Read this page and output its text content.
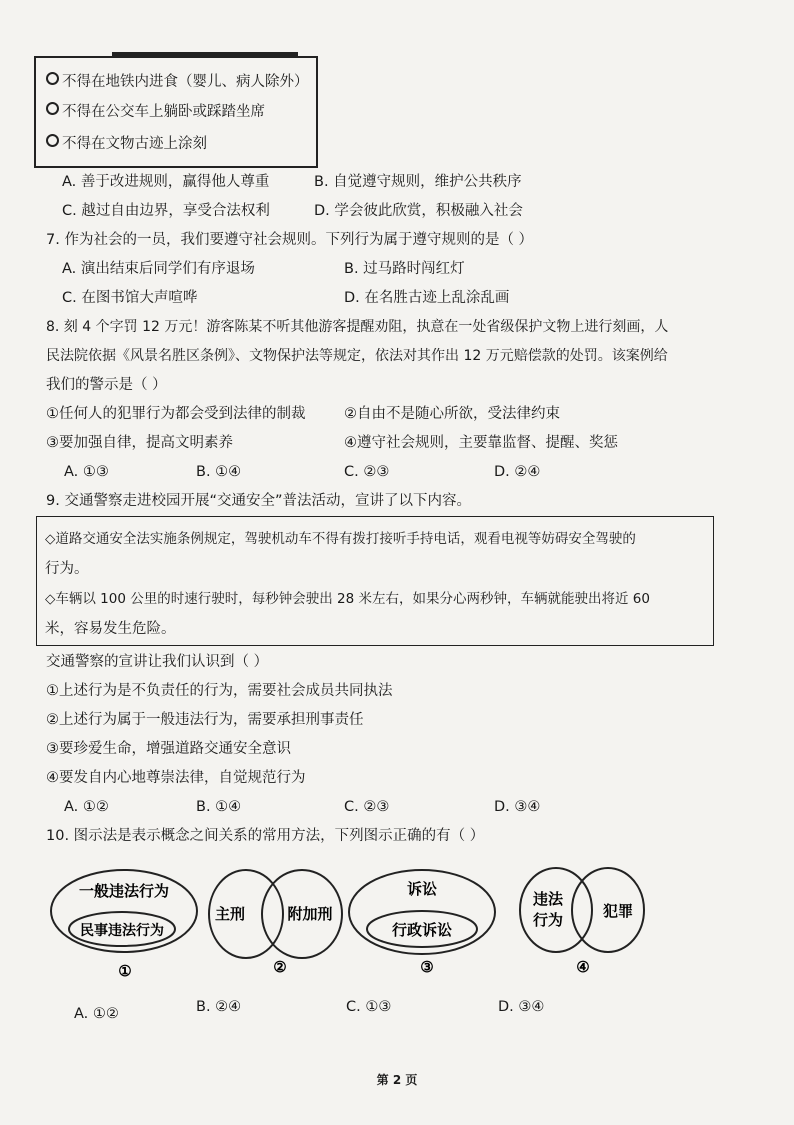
不得在地铁内进食（婴儿、病人除外）
不得在公交车上躺卧或踩踏坐席
不得在文物古迹上涂刻
A. 善于改进规则，赢得他人尊重	B. 自觉遵守规则，维护公共秩序
C. 越过自由边界，享受合法权利	D. 学会彼此欣赏，积极融入社会
7. 作为社会的一员，我们要遵守社会规则。下列行为属于遵守规则的是（ ）
A. 演出结束后同学们有序退场	B. 过马路时闯红灯
C. 在图书馆大声喧哗	D. 在名胜古迹上乱涂乱画
8. 刻 4 个字罚 12 万元！游客陈某不听其他游客提醒劝阻，执意在一处省级保护文物上进行刻画，人
民法院依据《风景名胜区条例》、文物保护法等规定，依法对其作出 12 万元赔偿款的处罚。该案例给
我们的警示是（ ）
①任何人的犯罪行为都会受到法律的制裁	②自由不是随心所欲，受法律约束
③要加强自律，提高文明素养	④遵守社会规则，主要靠监督、提醒、奖惩
A. ①③	B. ①④	C. ②③	D. ②④
9. 交通警察走进校园开展“交通安全”普法活动，宣讲了以下内容。
◇道路交通安全法实施条例规定，驾驶机动车不得有拨打接听手持电话，观看电视等妨碍安全驾驶的
行为。
◇车辆以 100 公里的时速行驶时，每秒钟会驶出 28 米左右，如果分心两秒钟，车辆就能驶出将近 60
米，容易发生危险。
交通警察的宣讲让我们认识到（ ）
①上述行为是不负责任的行为，需要社会成员共同执法
②上述行为属于一般违法行为，需要承担刑事责任
③要珍爱生命，增强道路交通安全意识
④要发自内心地尊崇法律，自觉规范行为
A. ①②	B. ①④	C. ②③	D. ③④
10. 图示法是表示概念之间关系的常用方法，下列图示正确的有（ ）
一般违法行为
民事违法行为
①
主刑	附加刑
②
诉讼
行政诉讼
③
违法
行为	犯罪
④
A. ①②	B. ②④	C. ①③	D. ③④
第 2 页
